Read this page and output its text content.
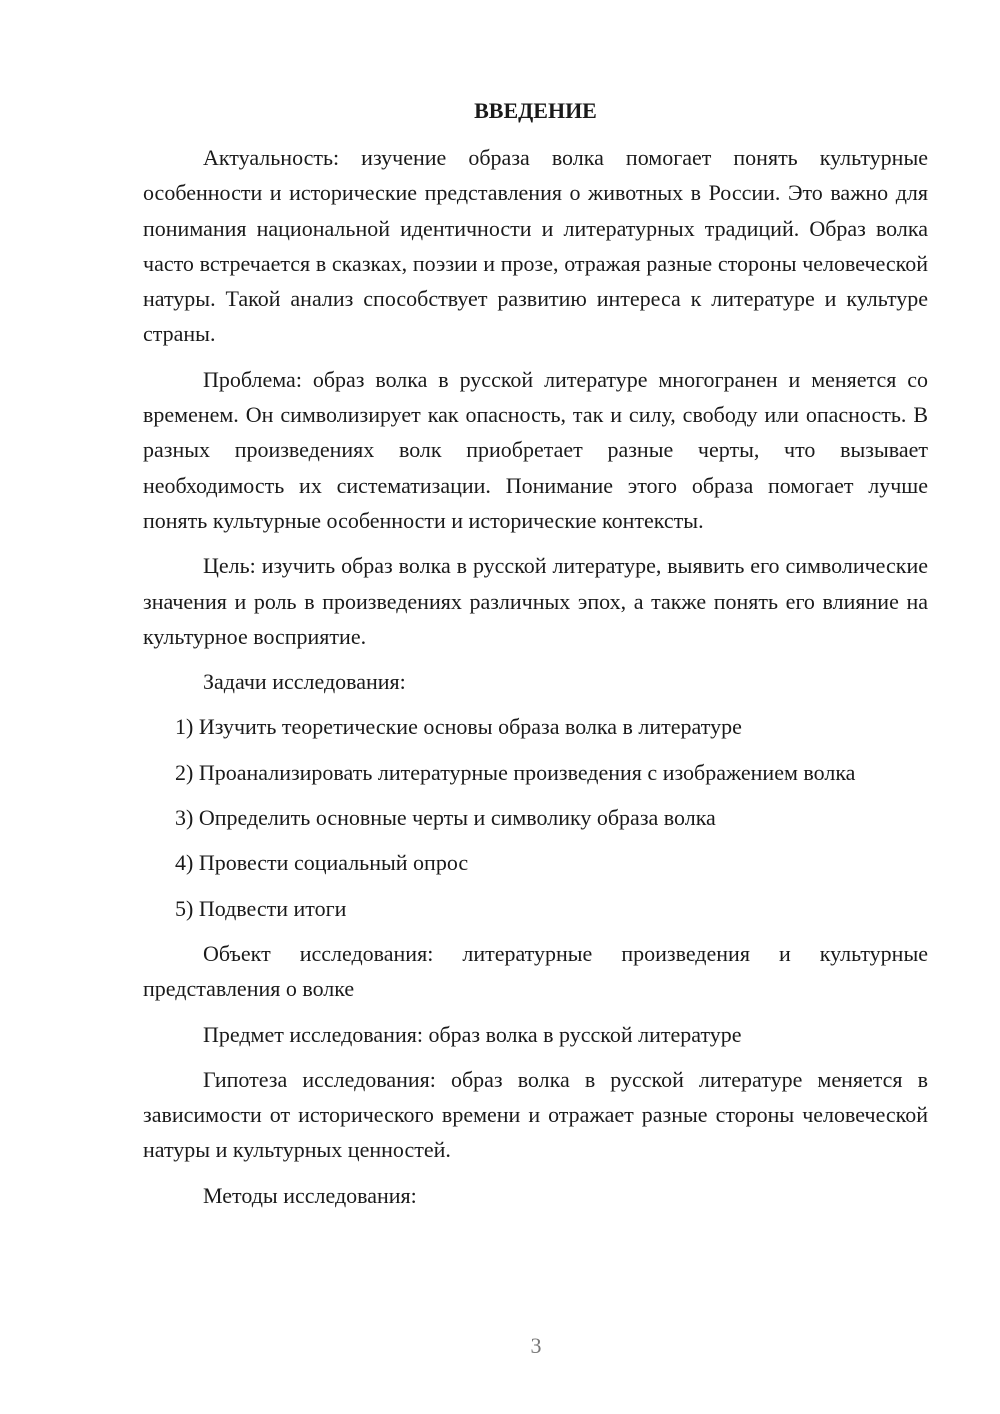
ВВЕДЕНИЕ

Актуальность: изучение образа волка помогает понять культурные особенности и исторические представления о животных в России. Это важно для понимания национальной идентичности и литературных традиций. Образ волка часто встречается в сказках, поэзии и прозе, отражая разные стороны человеческой натуры. Такой анализ способствует развитию интереса к литературе и культуре страны.

Проблема: образ волка в русской литературе многогранен и меняется со временем. Он символизирует как опасность, так и силу, свободу или опасность. В разных произведениях волк приобретает разные черты, что вызывает необходимость их систематизации. Понимание этого образа помогает лучше понять культурные особенности и исторические контексты.

Цель: изучить образ волка в русской литературе, выявить его символические значения и роль в произведениях различных эпох, а также понять его влияние на культурное восприятие.

Задачи исследования:

1) Изучить теоретические основы образа волка в литературе

2) Проанализировать литературные произведения с изображением волка

3) Определить основные черты и символику образа волка

4) Провести социальный опрос

5) Подвести итоги

Объект исследования: литературные произведения и культурные представления о волке

Предмет исследования: образ волка в русской литературе

Гипотеза исследования: образ волка в русской литературе меняется в зависимости от исторического времени и отражает разные стороны человеческой натуры и культурных ценностей.

Методы исследования:

3
